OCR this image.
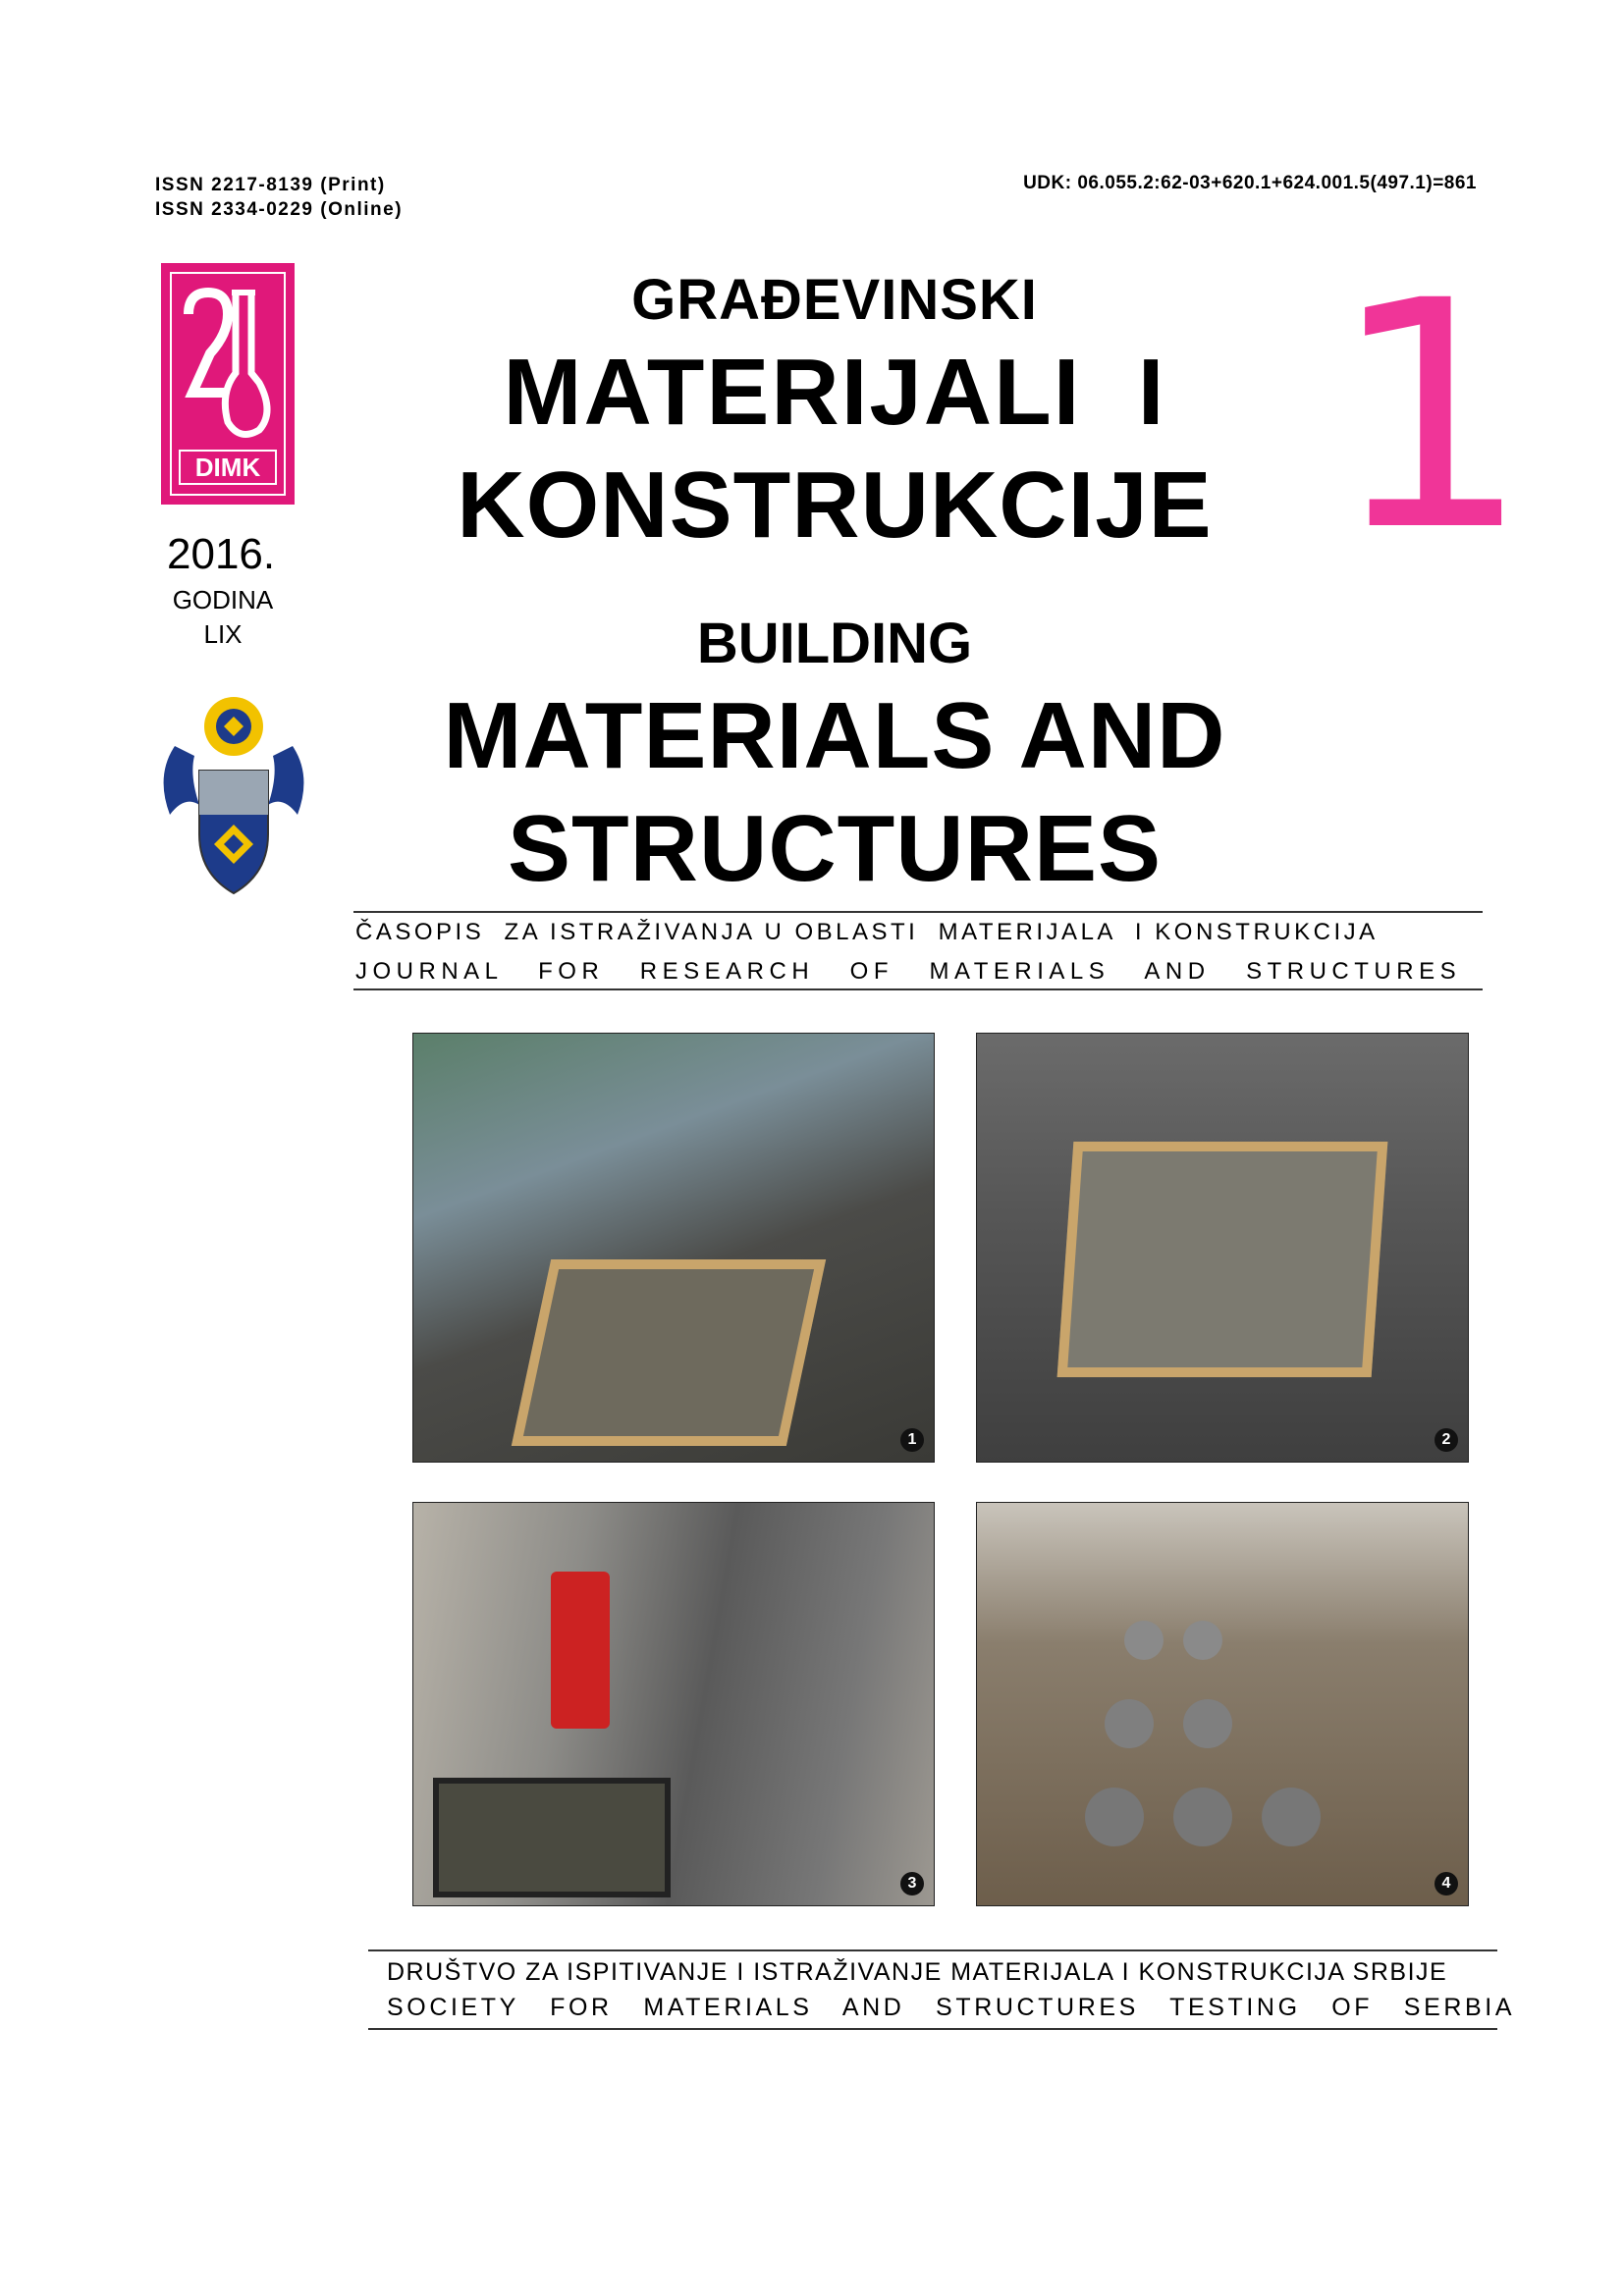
ISSN 2217-8139 (Print)
ISSN 2334-0229 (Online)
UDK: 06.055.2:62-03+620.1+624.001.5(497.1)=861
DIMK
2016.
GODINA
LIX
GRAĐEVINSKI
MATERIJALI  I
KONSTRUKCIJE
BUILDING
MATERIALS AND
STRUCTURES
1
ČASOPIS  ZA ISTRAŽIVANJA U OBLASTI  MATERIJALA  I KONSTRUKCIJA
JOURNAL   FOR   RESEARCH   OF   MATERIALS   AND   STRUCTURES
1	2
3	4
DRUŠTVO ZA ISPITIVANJE I ISTRAŽIVANJE MATERIJALA I KONSTRUKCIJA SRBIJE
SOCIETY   FOR   MATERIALS   AND   STRUCTURES   TESTING   OF   SERBIA
